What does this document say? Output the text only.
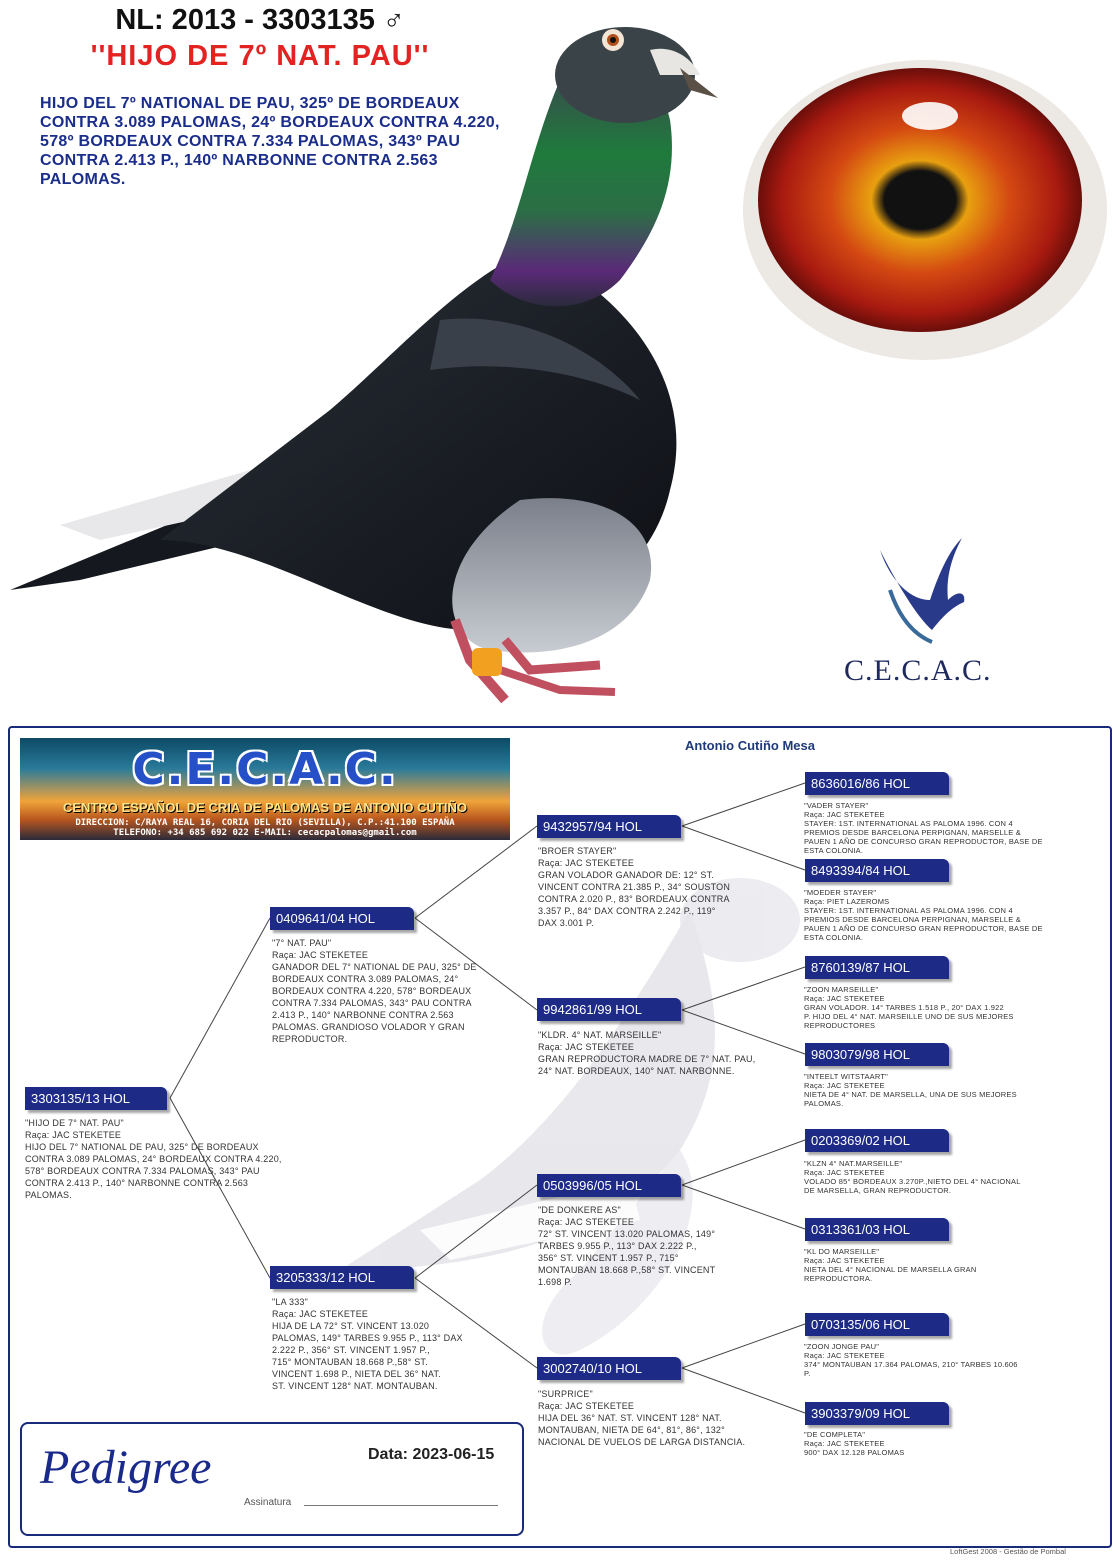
NL: 2013 - 3303135 ♂
''HIJO DE 7º NAT. PAU''
HIJO DEL 7º NATIONAL DE PAU, 325º DE BORDEAUX CONTRA 3.089 PALOMAS, 24º BORDEAUX CONTRA 4.220, 578º BORDEAUX CONTRA 7.334 PALOMAS, 343º PAU CONTRA 2.413 P., 140º NARBONNE CONTRA 2.563 PALOMAS.
C.E.C.A.C.
C.E.C.A.C.
CENTRO ESPAÑOL DE CRIA DE PALOMAS DE ANTONIO CUTIÑO
DIRECCION: C/RAYA REAL 16, CORIA DEL RIO (SEVILLA), C.P.:41.100 ESPAÑA
TELEFONO: +34 685 692 022 E-MAIL: cecacpalomas@gmail.com
Antonio Cutiño Mesa
3303135/13 HOL
"HIJO DE 7° NAT. PAU"
Raça: JAC STEKETEE
HIJO DEL 7° NATIONAL DE PAU, 325° DE BORDEAUX
CONTRA 3.089 PALOMAS, 24° BORDEAUX CONTRA 4.220,
578° BORDEAUX CONTRA 7.334 PALOMAS, 343° PAU
CONTRA 2.413 P., 140° NARBONNE CONTRA 2.563
PALOMAS.
0409641/04 HOL
"7° NAT. PAU"
Raça: JAC STEKETEE
GANADOR DEL 7° NATIONAL DE PAU, 325° DE
BORDEAUX CONTRA 3.089 PALOMAS, 24°
BORDEAUX CONTRA 4.220, 578° BORDEAUX
CONTRA 7.334 PALOMAS, 343° PAU CONTRA
2.413 P., 140° NARBONNE CONTRA 2.563
PALOMAS. GRANDIOSO VOLADOR Y GRAN
REPRODUCTOR.
3205333/12 HOL
"LA 333"
Raça: JAC STEKETEE
HIJA DE LA 72° ST. VINCENT 13.020
PALOMAS, 149° TARBES 9.955 P., 113° DAX
2.222 P., 356° ST. VINCENT 1.957 P.,
715° MONTAUBAN 18.668 P.,58° ST.
VINCENT 1.698 P., NIETA DEL 36° NAT.
ST. VINCENT 128° NAT. MONTAUBAN.
9432957/94 HOL
"BROER STAYER"
Raça: JAC STEKETEE
GRAN VOLADOR GANADOR DE: 12° ST.
VINCENT CONTRA 21.385 P., 34° SOUSTON
CONTRA 2.020 P., 83° BORDEAUX CONTRA
3.357 P., 84° DAX CONTRA 2.242 P., 119°
DAX 3.001 P.
9942861/99 HOL
"KLDR. 4° NAT. MARSEILLE"
Raça: JAC STEKETEE
GRAN REPRODUCTORA MADRE DE 7° NAT. PAU,
24° NAT. BORDEAUX, 140° NAT. NARBONNE.
0503996/05 HOL
"DE DONKERE AS"
Raça: JAC STEKETEE
72° ST. VINCENT 13.020 PALOMAS, 149°
TARBES 9.955 P., 113° DAX 2.222 P.,
356° ST. VINCENT 1.957 P., 715°
MONTAUBAN 18.668 P.,58° ST. VINCENT
1.698 P.
3002740/10 HOL
"SURPRICE"
Raça: JAC STEKETEE
HIJA DEL 36° NAT. ST. VINCENT 128° NAT.
MONTAUBAN, NIETA DE 64°, 81°, 86°, 132°
NACIONAL DE VUELOS DE LARGA DISTANCIA.
8636016/86 HOL
"VADER STAYER"
Raça: JAC STEKETEE
STAYER: 1ST. INTERNATIONAL AS PALOMA 1996. CON 4
PREMIOS DESDE BARCELONA PERPIGNAN, MARSELLE &
PAUEN 1 AÑO DE CONCURSO GRAN REPRODUCTOR, BASE DE
ESTA COLONIA.
8493394/84 HOL
"MOEDER STAYER"
Raça: PIET LAZEROMS
STAYER: 1ST. INTERNATIONAL AS PALOMA 1996. CON 4
PREMIOS DESDE BARCELONA PERPIGNAN, MARSELLE &
PAUEN 1 AÑO DE CONCURSO GRAN REPRODUCTOR, BASE DE
ESTA COLONIA.
8760139/87 HOL
"ZOON MARSEILLE"
Raça: JAC STEKETEE
GRAN VOLADOR. 14° TARBES 1.518 P., 20° DAX 1.922
P. HIJO DEL 4° NAT. MARSEILLE UNO DE SUS MEJORES
REPRODUCTORES
9803079/98 HOL
"INTEELT WITSTAART"
Raça: JAC STEKETEE
NIETA DE 4° NAT. DE MARSELLA, UNA DE SUS MEJORES
PALOMAS.
0203369/02 HOL
"KLZN 4° NAT.MARSEILLE"
Raça: JAC STEKETEE
VOLADO 85° BORDEAUX 3.270P.,NIETO DEL 4° NACIONAL
DE MARSELLA, GRAN REPRODUCTOR.
0313361/03 HOL
"KL DO MARSEILLE"
Raça: JAC STEKETEE
NIETA DEL 4° NACIONAL DE MARSELLA GRAN
REPRODUCTORA.
0703135/06 HOL
"ZOON JONGE PAU"
Raça: JAC STEKETEE
374° MONTAUBAN 17.364 PALOMAS, 210° TARBES 10.606
P.
3903379/09 HOL
"DE COMPLETA"
Raça: JAC STEKETEE
900° DAX 12.128 PALOMAS
Pedigree	Data: 2023-06-15
Assinatura
LoftGest 2008 - Gestão de Pombal
